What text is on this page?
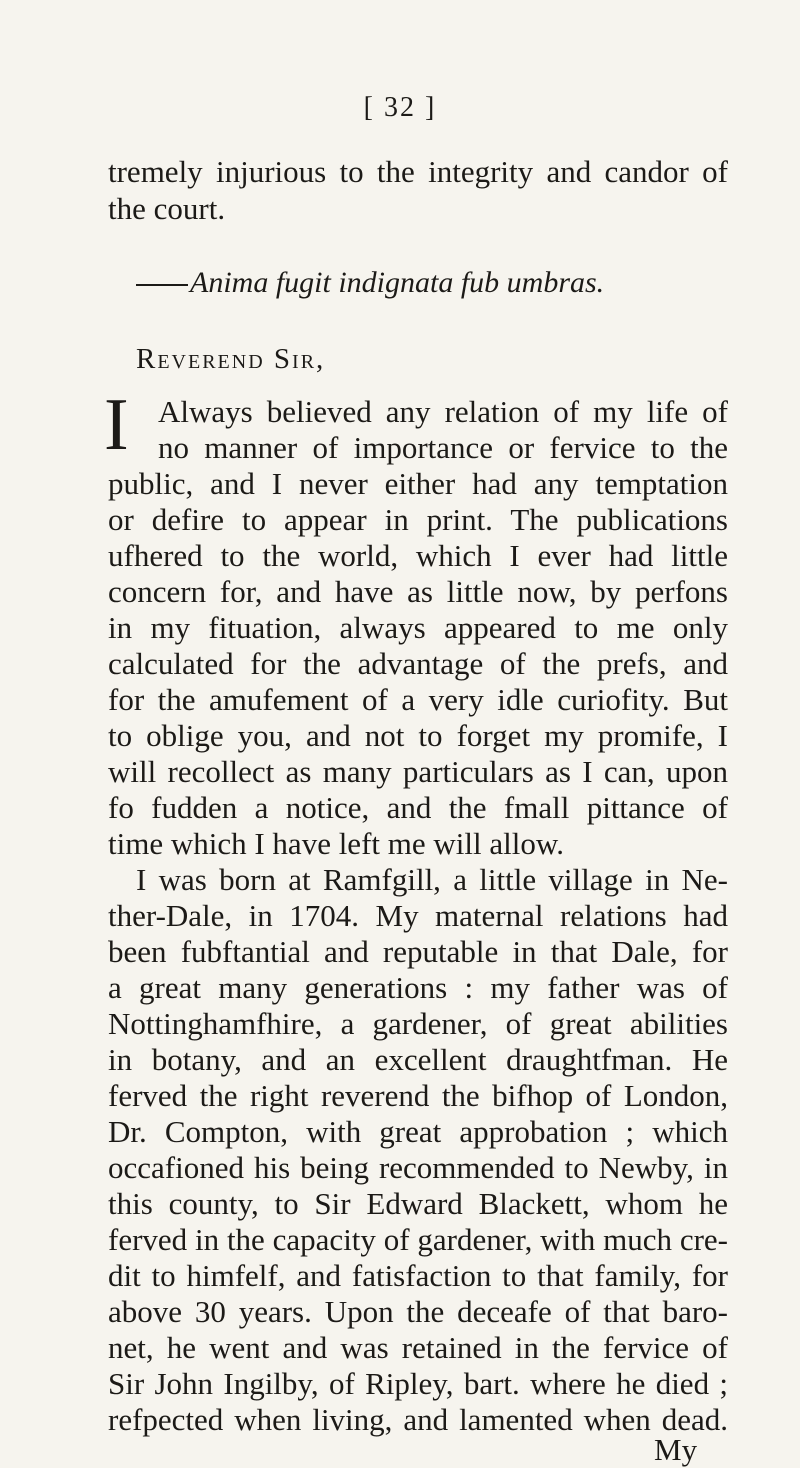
[ 32 ]
tremely injurious to the integrity and candor of
the court.
Anima fugit indignata fub umbras.
Reverend Sir,
I Always believed any relation of my life of
no manner of importance or fervice to the
public, and I never either had any temptation
or defire to appear in print. The publications
ufhered to the world, which I ever had little
concern for, and have as little now, by perfons
in my fituation, always appeared to me only
calculated for the advantage of the prefs, and
for the amufement of a very idle curiofity. But
to oblige you, and not to forget my promife, I
will recollect as many particulars as I can, upon
fo fudden a notice, and the fmall pittance of
time which I have left me will allow.
I was born at Ramfgill, a little village in Ne-
ther-Dale, in 1704. My maternal relations had
been fubftantial and reputable in that Dale, for
a great many generations : my father was of
Nottinghamfhire, a gardener, of great abilities
in botany, and an excellent draughtfman. He
ferved the right reverend the bifhop of London,
Dr. Compton, with great approbation ; which
occafioned his being recommended to Newby, in
this county, to Sir Edward Blackett, whom he
ferved in the capacity of gardener, with much cre-
dit to himfelf, and fatisfaction to that family, for
above 30 years. Upon the deceafe of that baro-
net, he went and was retained in the fervice of
Sir John Ingilby, of Ripley, bart. where he died ;
refpected when living, and lamented when dead.
My
